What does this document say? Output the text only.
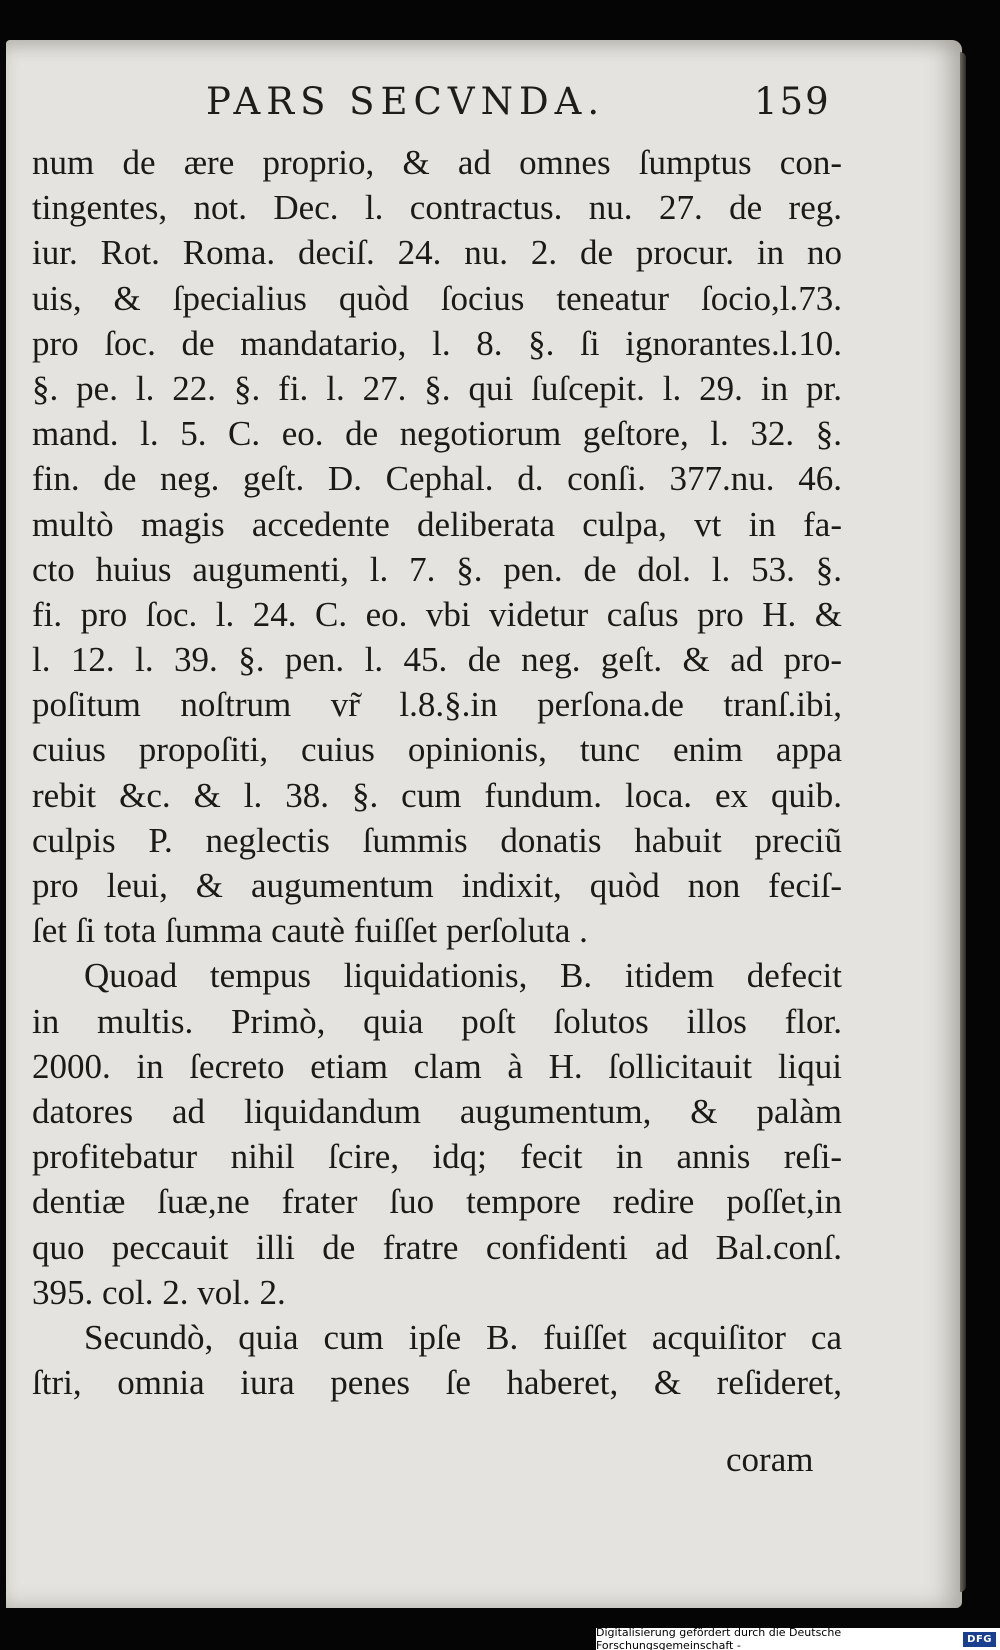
PARS SECVNDA.	159
num de ære proprio, & ad omnes ſumptus con-
tingentes, not. Dec. l. contractus. nu. 27. de reg.
iur. Rot. Roma. deciſ. 24. nu. 2. de procur. in no
uis, & ſpecialius quòd ſocius teneatur ſocio,l.73.
pro ſoc. de mandatario, l. 8. §. ſi ignorantes.l.10.
§. pe. l. 22. §. fi. l. 27. §. qui ſuſcepit. l. 29. in pr.
mand. l. 5. C. eo. de negotiorum geſtore, l. 32. §.
fin. de neg. geſt. D. Cephal. d. conſi. 377.nu. 46.
multò magis accedente deliberata culpa, vt in fa-
cto huius augumenti, l. 7. §. pen. de dol. l. 53. §.
fi. pro ſoc. l. 24. C. eo. vbi videtur caſus pro H. &
l. 12. l. 39. §. pen. l. 45. de neg. geſt. & ad pro-
poſitum noſtrum vr̃ l.8.§.in perſona.de tranſ.ibi,
cuius propoſiti, cuius opinionis, tunc enim appa
rebit &c. & l. 38. §. cum fundum. loca. ex quib.
culpis P. neglectis ſummis donatis habuit preciũ
pro leui, & augumentum indixit, quòd non feciſ-
ſet ſi tota ſumma cautè fuiſſet perſoluta .
Quoad tempus liquidationis, B. itidem defecit
in multis. Primò, quia poſt ſolutos illos flor.
2000. in ſecreto etiam clam à H. ſollicitauit liqui
datores ad liquidandum augumentum, & palàm
profitebatur nihil ſcire, idq; fecit in annis reſi-
dentiæ ſuæ,ne frater ſuo tempore redire poſſet,in
quo peccauit illi de fratre confidenti ad Bal.conſ.
395. col. 2. vol. 2.
Secundò, quia cum ipſe B. fuiſſet acquiſitor ca
ſtri, omnia iura penes ſe haberet, & reſideret,
coram
Digitalisierung gefördert durch die Deutsche Forschungsgemeinschaft -	DFG
